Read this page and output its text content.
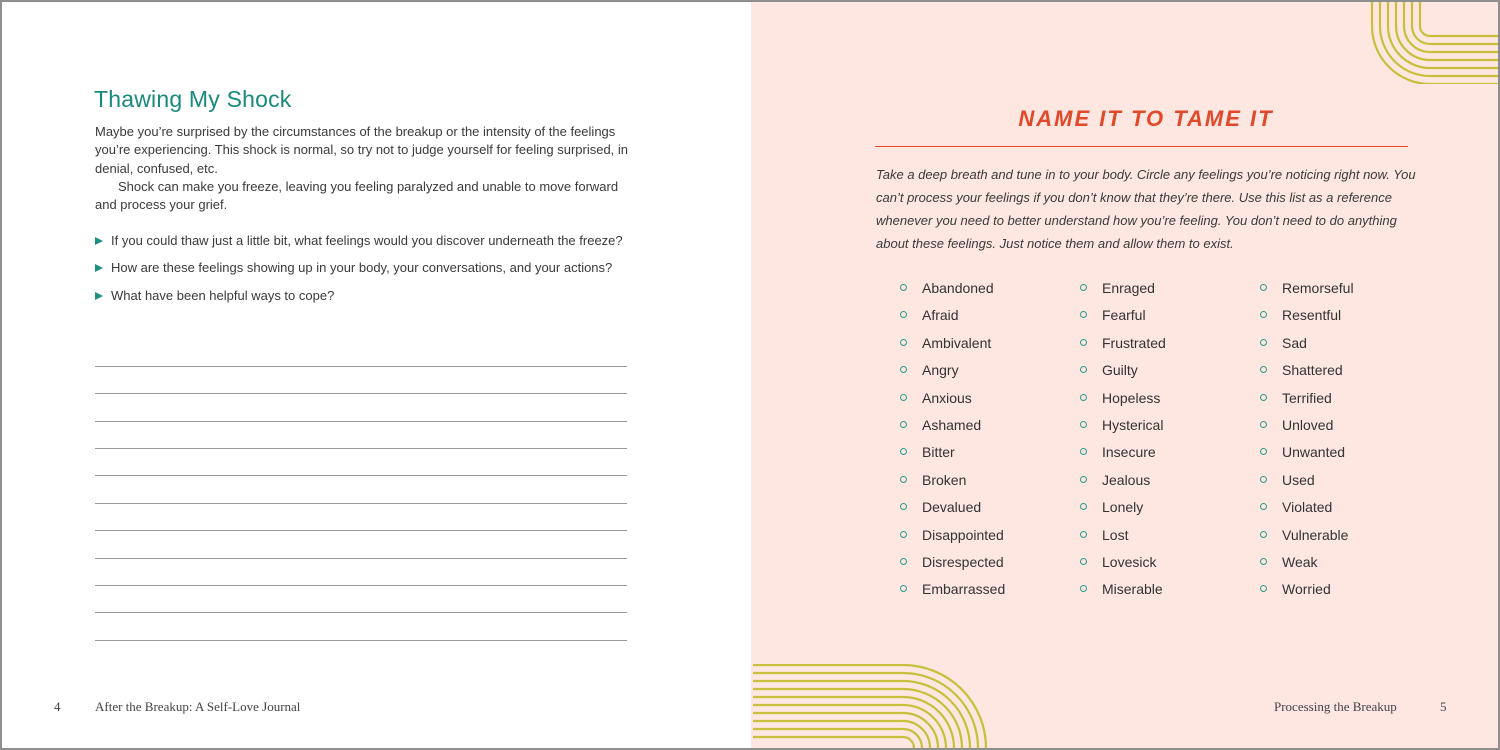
Thawing My Shock

Maybe you’re surprised by the circumstances of the breakup or the intensity of the feelings you’re experiencing. This shock is normal, so try not to judge yourself for feeling surprised, in denial, confused, etc.

Shock can make you freeze, leaving you feeling paralyzed and unable to move forward and process your grief.

If you could thaw just a little bit, what feelings would you discover underneath the freeze?
How are these feelings showing up in your body, your conversations, and your actions?
What have been helpful ways to cope?
4	After the Breakup: A Self-Love Journal
NAME IT TO TAME IT

Take a deep breath and tune in to your body. Circle any feelings you’re noticing right now. You can’t process your feelings if you don’t know that they’re there. Use this list as a reference whenever you need to better understand how you’re feeling. You don’t need to do anything about these feelings. Just notice them and allow them to exist.

Abandoned
Afraid
Ambivalent
Angry
Anxious
Ashamed
Bitter
Broken
Devalued
Disappointed
Disrespected
Embarrassed
Enraged
Fearful
Frustrated
Guilty
Hopeless
Hysterical
Insecure
Jealous
Lonely
Lost
Lovesick
Miserable
Remorseful
Resentful
Sad
Shattered
Terrified
Unloved
Unwanted
Used
Violated
Vulnerable
Weak
Worried
Processing the Breakup	5
